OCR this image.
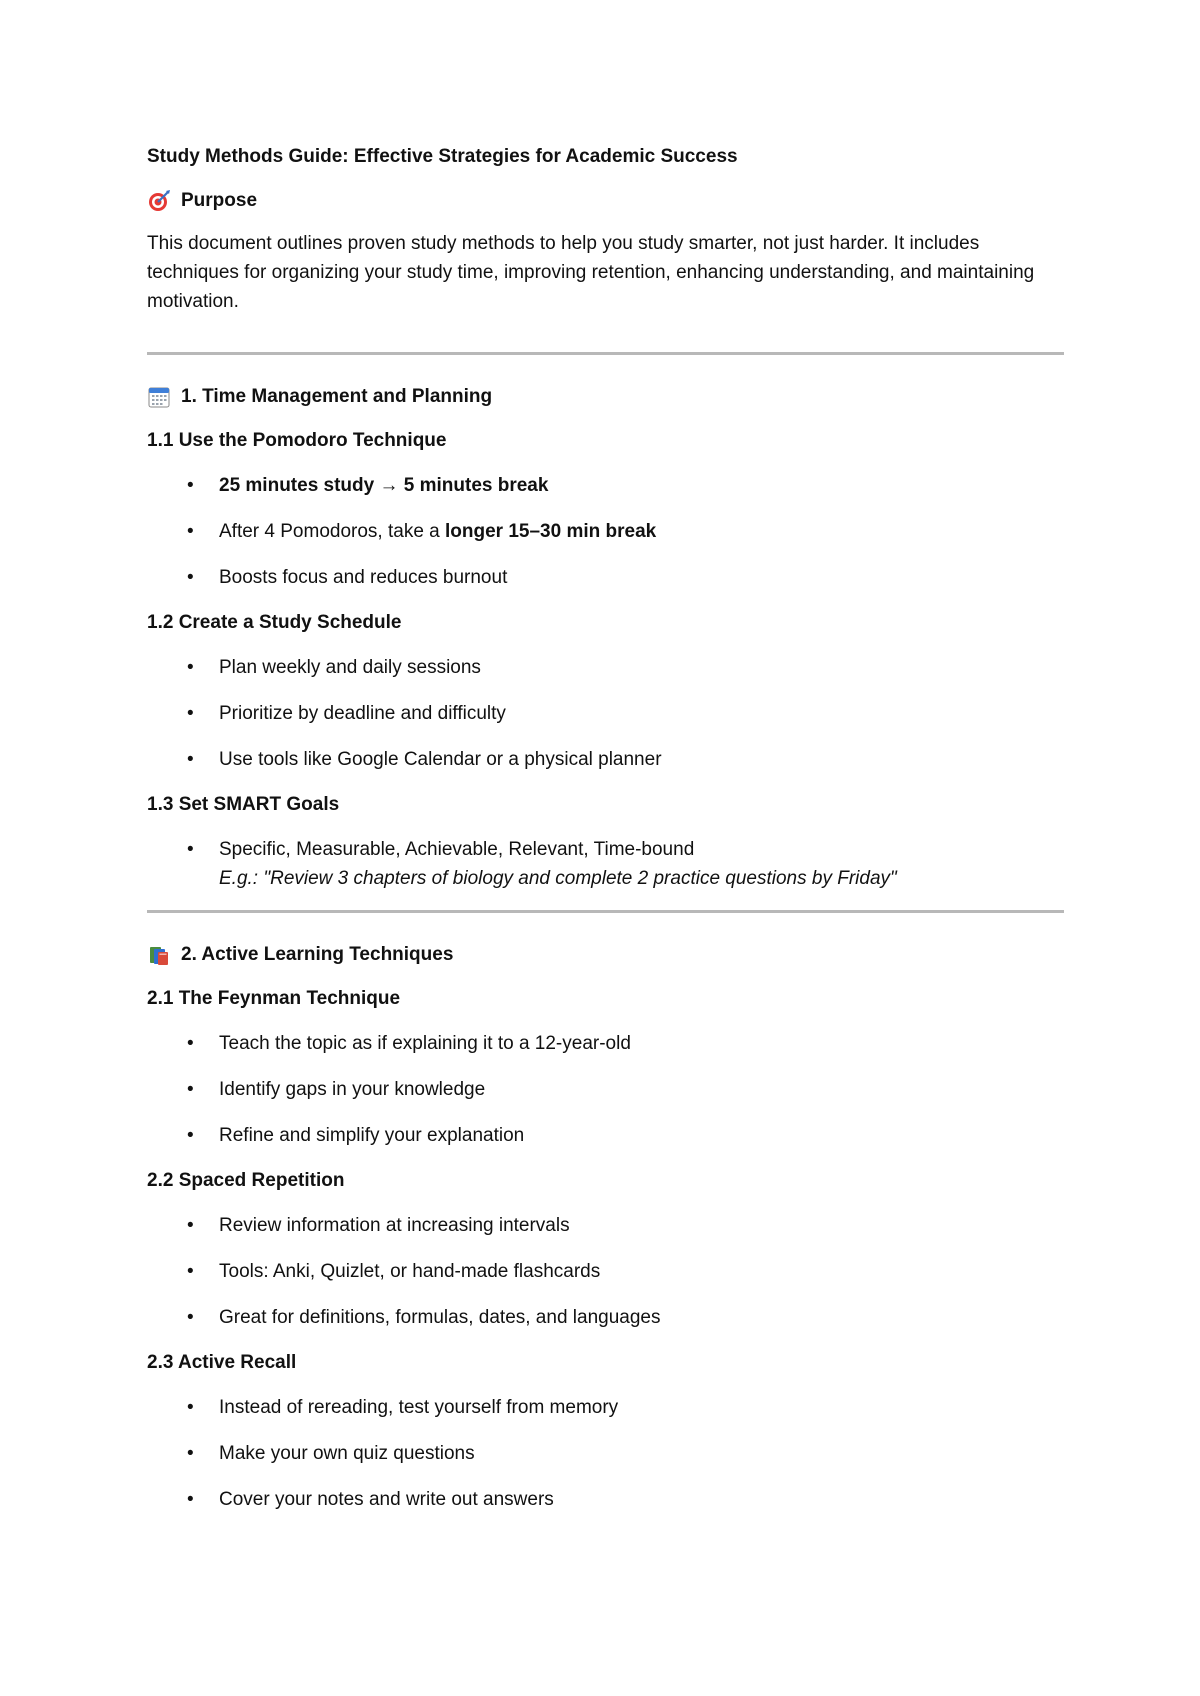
Study Methods Guide: Effective Strategies for Academic Success
Purpose
This document outlines proven study methods to help you study smarter, not just harder. It includes techniques for organizing your study time, improving retention, enhancing understanding, and maintaining motivation.
1. Time Management and Planning
1.1 Use the Pomodoro Technique
• 25 minutes study → 5 minutes break
• After 4 Pomodoros, take a longer 15–30 min break
• Boosts focus and reduces burnout
1.2 Create a Study Schedule
• Plan weekly and daily sessions
• Prioritize by deadline and difficulty
• Use tools like Google Calendar or a physical planner
1.3 Set SMART Goals
• Specific, Measurable, Achievable, Relevant, Time-bound
E.g.: "Review 3 chapters of biology and complete 2 practice questions by Friday"
2. Active Learning Techniques
2.1 The Feynman Technique
• Teach the topic as if explaining it to a 12-year-old
• Identify gaps in your knowledge
• Refine and simplify your explanation
2.2 Spaced Repetition
• Review information at increasing intervals
• Tools: Anki, Quizlet, or hand-made flashcards
• Great for definitions, formulas, dates, and languages
2.3 Active Recall
• Instead of rereading, test yourself from memory
• Make your own quiz questions
• Cover your notes and write out answers
